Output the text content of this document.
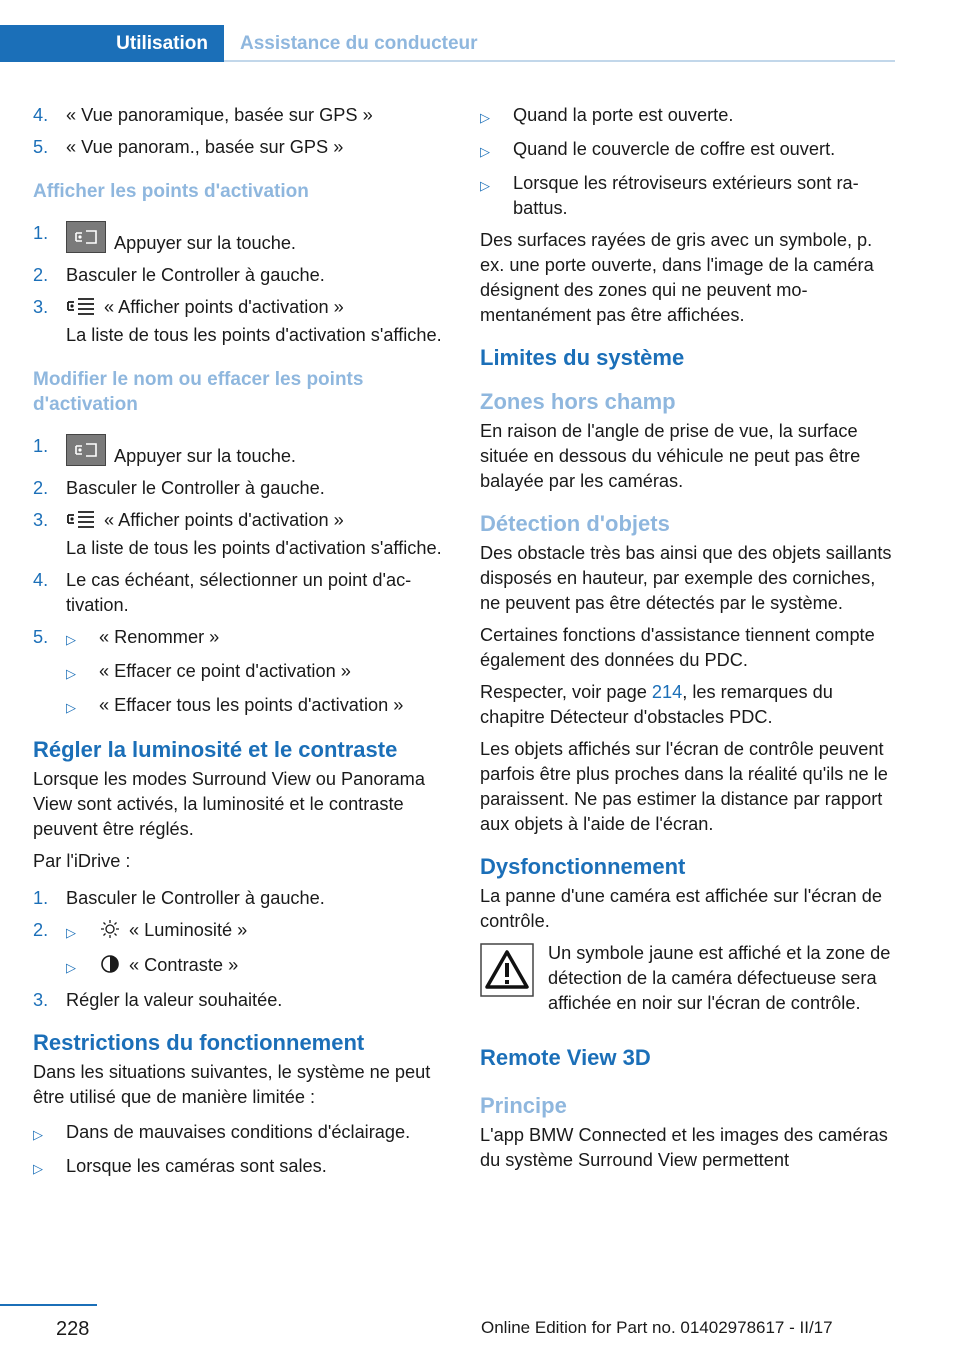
Utilisation	Assistance du conducteur
4. « Vue panoramique, basée sur GPS »
5. « Vue panoram., basée sur GPS »
Afficher les points d'activation
1.	Appuyer sur la touche.
2. Basculer le Controller à gauche.
3.	« Afficher points d'activation »
La liste de tous les points d'activation s'affiche.
Modifier le nom ou effacer les points d'activation
1.	Appuyer sur la touche.
2. Basculer le Controller à gauche.
3.	« Afficher points d'activation »
La liste de tous les points d'activation s'affiche.
4. Le cas échéant, sélectionner un point d'activation.
5.	▷	« Renommer »
▷	« Effacer ce point d'activation »
▷	« Effacer tous les points d'activation »
Régler la luminosité et le contraste

Lorsque les modes Surround View ou Panorama View sont activés, la luminosité et le contraste peuvent être réglés.

Par l'iDrive :

1. Basculer le Controller à gauche.
2.	▷	« Luminosité »
▷	« Contraste »
3. Régler la valeur souhaitée.
Restrictions du fonctionnement

Dans les situations suivantes, le système ne peut être utilisé que de manière limitée :

▷	Dans de mauvaises conditions d'éclairage.
▷	Lorsque les caméras sont sales.
▷	Quand la porte est ouverte.
▷	Quand le couvercle de coffre est ouvert.
▷	Lorsque les rétroviseurs extérieurs sont rabattus.

Des surfaces rayées de gris avec un symbole, p. ex. une porte ouverte, dans l'image de la caméra désignent des zones qui ne peuvent momentanément pas être affichées.

Limites du système
Zones hors champ

En raison de l'angle de prise de vue, la surface située en dessous du véhicule ne peut pas être balayée par les caméras.

Détection d'objets

Des obstacle très bas ainsi que des objets saillants disposés en hauteur, par exemple des corniches, ne peuvent pas être détectés par le système.

Certaines fonctions d'assistance tiennent compte également des données du PDC.

Respecter, voir page 214, les remarques du chapitre Détecteur d'obstacles PDC.

Les objets affichés sur l'écran de contrôle peuvent parfois être plus proches dans la réalité qu'ils ne le paraissent. Ne pas estimer la distance par rapport aux objets à l'aide de l'écran.

Dysfonctionnement

La panne d'une caméra est affichée sur l'écran de contrôle.

Un symbole jaune est affiché et la zone de détection de la caméra défectueuse sera affichée en noir sur l'écran de contrôle.
Remote View 3D
Principe

L'app BMW Connected et les images des caméras du système Surround View permettent

228	Online Edition for Part no. 01402978617 - II/17
